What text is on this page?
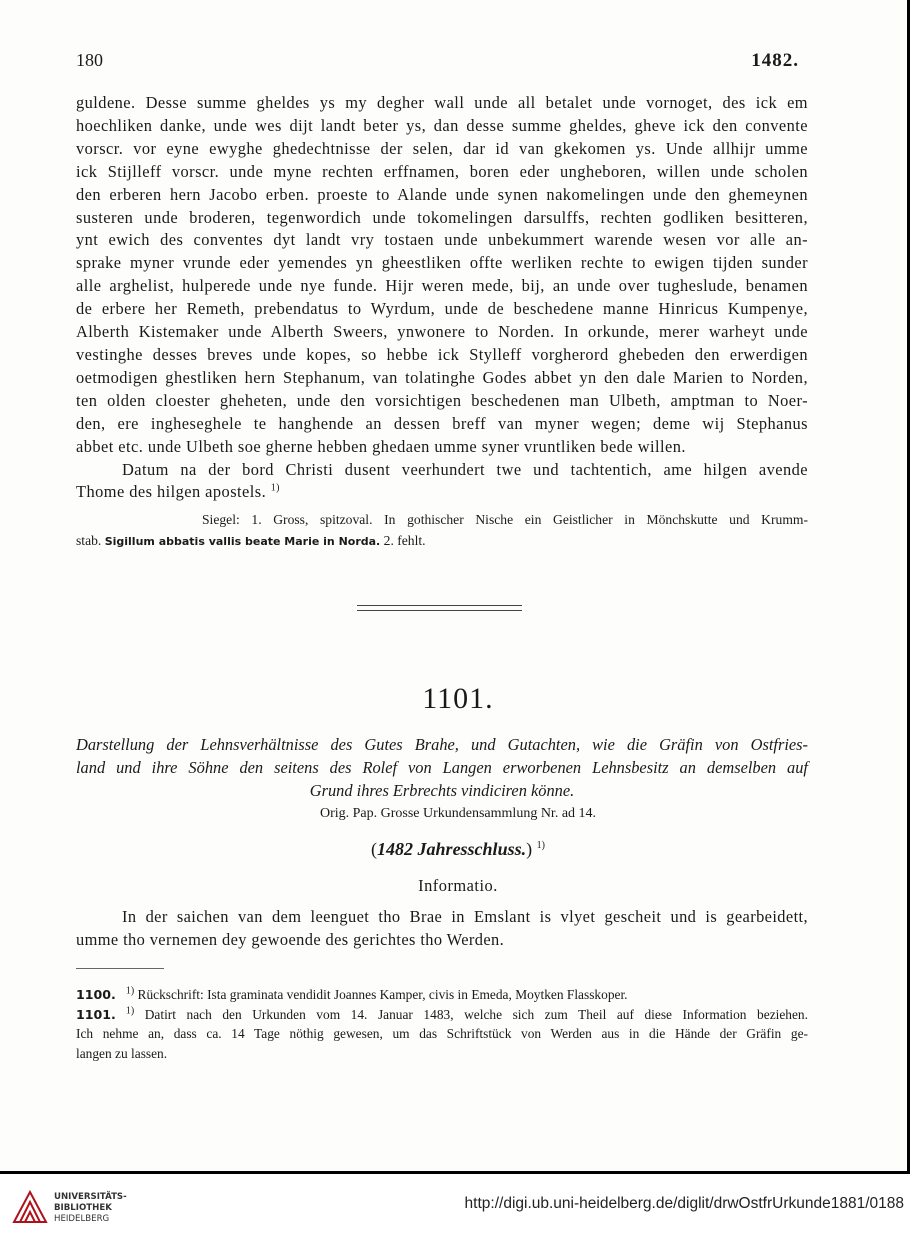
180	1482.
guldene. Desse summe gheldes ys my degher wall unde all betalet unde vornoget, des ick em
hoechliken danke, unde wes dijt landt beter ys, dan desse summe gheldes, gheve ick den convente
vorscr. vor eyne ewyghe ghedechtnisse der selen, dar id van gkekomen ys. Unde allhijr umme
ick Stijlleff vorscr. unde myne rechten erffnamen, boren eder ungheboren, willen unde scholen
den erberen hern Jacobo erben. proeste to Alande unde synen nakomelingen unde den ghemeynen
susteren unde broderen, tegenwordich unde tokomelingen darsulffs, rechten godliken besitteren,
ynt ewich des conventes dyt landt vry tostaen unde unbekummert warende wesen vor alle an-
sprake myner vrunde eder yemendes yn gheestliken offte werliken rechte to ewigen tijden sunder
alle arghelist, hulperede unde nye funde. Hijr weren mede, bij, an unde over tugheslude, benamen
de erbere her Remeth, prebendatus to Wyrdum, unde de beschedene manne Hinricus Kumpenye,
Alberth Kistemaker unde Alberth Sweers, ynwonere to Norden. In orkunde, merer warheyt unde
vestinghe desses breves unde kopes, so hebbe ick Stylleff vorgherord ghebeden den erwerdigen
oetmodigen ghestliken hern Stephanum, van tolatinghe Godes abbet yn den dale Marien to Norden,
ten olden cloester gheheten, unde den vorsichtigen beschedenen man Ulbeth, amptman to Noer-
den, ere ingheseghele te hanghende an dessen breff van myner wegen; deme wij Stephanus
abbet etc. unde Ulbeth soe gherne hebben ghedaen umme syner vruntliken bede willen.
Datum na der bord Christi dusent veerhundert twe und tachtentich, ame hilgen avende
Thome des hilgen apostels. $^{1)}$
Siegel: 1. Gross, spitzoval. In gothischer Nische ein Geistlicher in Mönchskutte und Krumm-
stab. Sigillum abbatis vallis beate Marie in Norda. 2. fehlt.
1101.
Darstellung der Lehnsverhältnisse des Gutes Brahe, und Gutachten, wie die Gräfin von Ostfries-
land und ihre Söhne den seitens des Rolef von Langen erworbenen Lehnsbesitz an demselben auf
Grund ihres Erbrechts vindiciren könne.
Orig. Pap. Grosse Urkundensammlung Nr. ad 14.
(1482 Jahresschluss.) $^{1)}$
Informatio.
In der saichen van dem leenguet tho Brae in Emslant is vlyet gescheit und is gearbeidett,
umme tho vernemen dey gewoende des gerichtes tho Werden.
1100. $^{1)}$ Rückschrift: Ista graminata vendidit Joannes Kamper, civis in Emeda, Moytken Flasskoper.
1101. $^{1)}$ Datirt nach den Urkunden vom 14. Januar 1483, welche sich zum Theil auf diese Information beziehen.
Ich nehme an, dass ca. 14 Tage nöthig gewesen, um das Schriftstück von Werden aus in die Hände der Gräfin ge-
langen zu lassen.
UNIVERSITÄTS-
BIBLIOTHEK
HEIDELBERG
http://digi.ub.uni-heidelberg.de/diglit/drwOstfrUrkunde1881/0188
